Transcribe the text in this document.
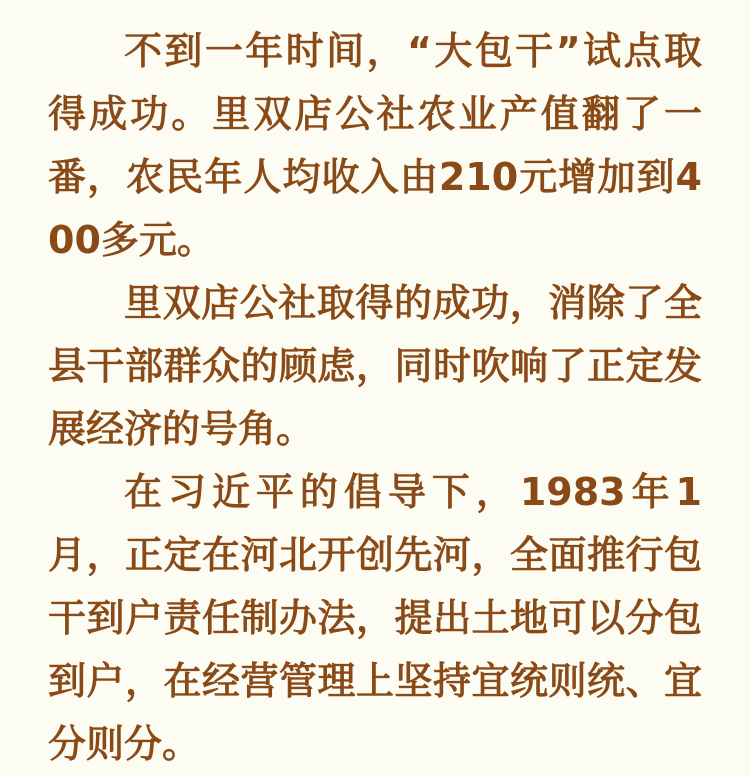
不到一年时间，“大包干”试点取得成功。里双店公社农业产值翻了一番，农民年人均收入由210元增加到400多元。

里双店公社取得的成功，消除了全县干部群众的顾虑，同时吹响了正定发展经济的号角。

在习近平的倡导下，1983年1月，正定在河北开创先河，全面推行包干到户责任制办法，提出土地可以分包到户，在经营管理上坚持宜统则统、宜分则分。
